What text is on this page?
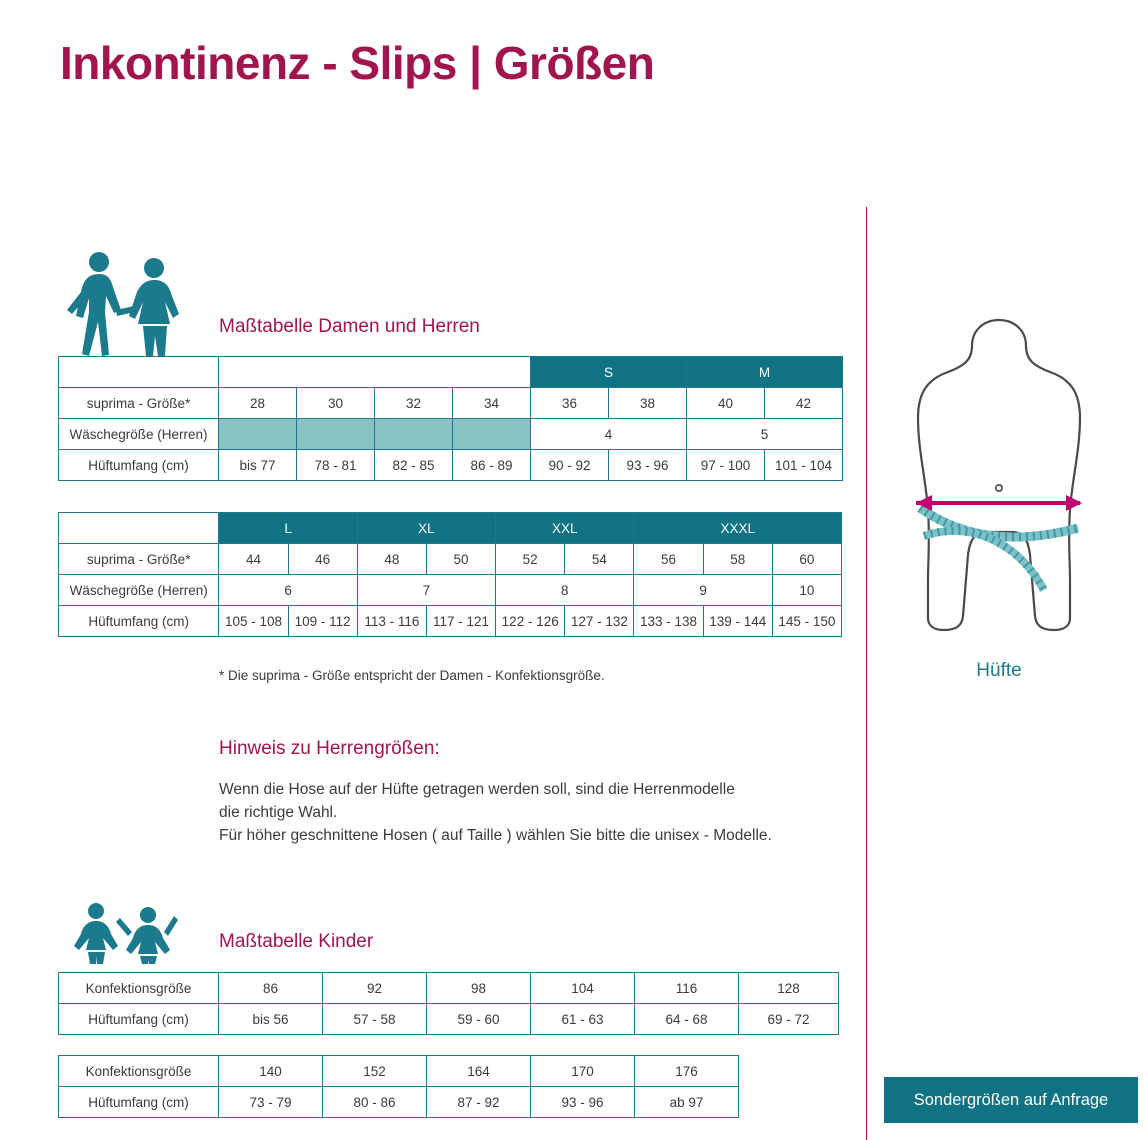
Inkontinenz - Slips | Größen
Maßtabelle Damen und Herren
					S		M	
suprima - Größe*	28	30	32	34	36	38	40	42
Wäschegröße (Herren)					4		5	
Hüftumfang (cm)	bis 77	78 - 81	82 - 85	86 - 89	90 - 92	93 - 96	97 - 100	101 - 104
	L		XL		XXL		XXXL		
suprima - Größe*	44	46	48	50	52	54	56	58	60
Wäschegröße (Herren)	6		7		8		9		10
Hüftumfang (cm)	105 - 108	109 - 112	113 - 116	117 - 121	122 - 126	127 - 132	133 - 138	139 - 144	145 - 150
* Die suprima - Größe entspricht der Damen - Konfektionsgröße.
Hinweis zu Herrengrößen:
Wenn die Hose auf der Hüfte getragen werden soll, sind die Herrenmodelle
die richtige Wahl.
Für höher geschnittene Hosen ( auf Taille ) wählen Sie bitte die unisex - Modelle.
Maßtabelle Kinder
Konfektionsgröße	86	92	98	104	116	128
Hüftumfang (cm)	bis 56	57 - 58	59 - 60	61 - 63	64 - 68	69 - 72
Konfektionsgröße	140	152	164	170	176
Hüftumfang (cm)	73 - 79	80 - 86	87 - 92	93 - 96	ab 97
Hüfte
Sondergrößen auf Anfrage
